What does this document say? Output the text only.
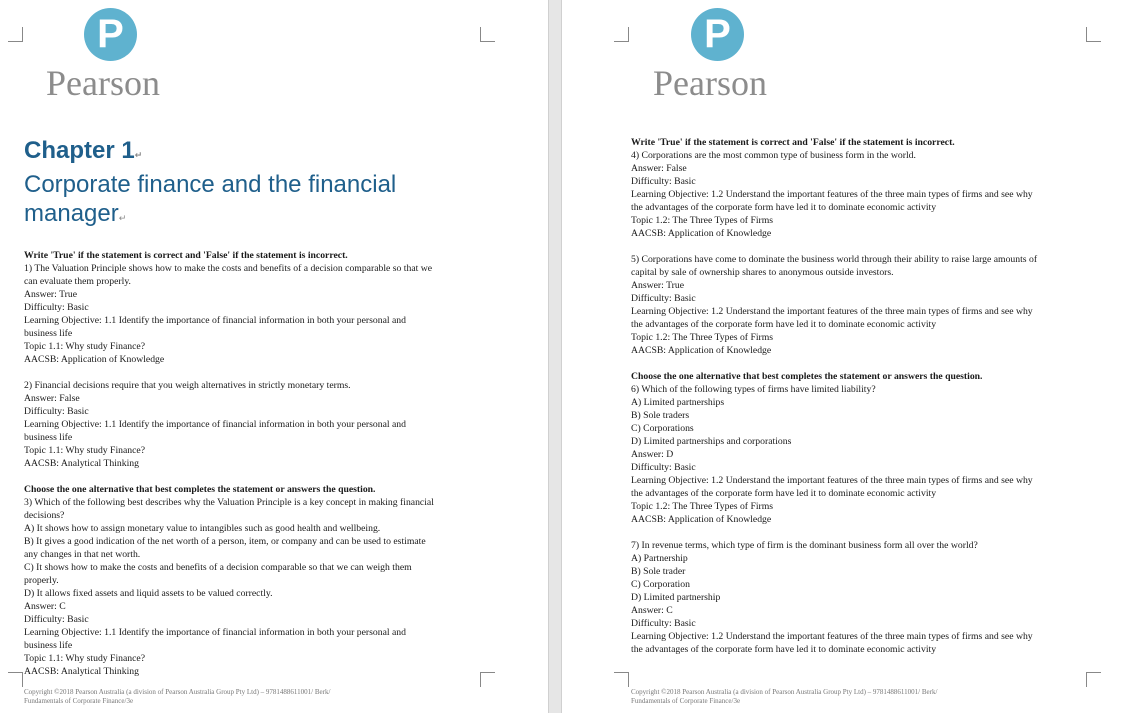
P
Pearson
Chapter 1↵
Corporate finance and the financial
manager↵
Write 'True' if the statement is correct and 'False' if the statement is incorrect.
1) The Valuation Principle shows how to make the costs and benefits of a decision comparable so that we
can evaluate them properly.
Answer: True
Difficulty: Basic
Learning Objective: 1.1 Identify the importance of financial information in both your personal and
business life
Topic 1.1: Why study Finance?
AACSB: Application of Knowledge
2) Financial decisions require that you weigh alternatives in strictly monetary terms.
Answer: False
Difficulty: Basic
Learning Objective: 1.1 Identify the importance of financial information in both your personal and
business life
Topic 1.1: Why study Finance?
AACSB: Analytical Thinking
Choose the one alternative that best completes the statement or answers the question.
3) Which of the following best describes why the Valuation Principle is a key concept in making financial
decisions?
A) It shows how to assign monetary value to intangibles such as good health and wellbeing.
B) It gives a good indication of the net worth of a person, item, or company and can be used to estimate
any changes in that net worth.
C) It shows how to make the costs and benefits of a decision comparable so that we can weigh them
properly.
D) It allows fixed assets and liquid assets to be valued correctly.
Answer: C
Difficulty: Basic
Learning Objective: 1.1 Identify the importance of financial information in both your personal and
business life
Topic 1.1: Why study Finance?
AACSB: Analytical Thinking
Copyright ©2018 Pearson Australia (a division of Pearson Australia Group Pty Ltd) – 9781488611001/ Berk/
Fundamentals of Corporate Finance/3e
P
Pearson
Write 'True' if the statement is correct and 'False' if the statement is incorrect.
4) Corporations are the most common type of business form in the world.
Answer: False
Difficulty: Basic
Learning Objective: 1.2 Understand the important features of the three main types of firms and see why
the advantages of the corporate form have led it to dominate economic activity
Topic 1.2: The Three Types of Firms
AACSB: Application of Knowledge
5) Corporations have come to dominate the business world through their ability to raise large amounts of
capital by sale of ownership shares to anonymous outside investors.
Answer: True
Difficulty: Basic
Learning Objective: 1.2 Understand the important features of the three main types of firms and see why
the advantages of the corporate form have led it to dominate economic activity
Topic 1.2: The Three Types of Firms
AACSB: Application of Knowledge
Choose the one alternative that best completes the statement or answers the question.
6) Which of the following types of firms have limited liability?
A) Limited partnerships
B) Sole traders
C) Corporations
D) Limited partnerships and corporations
Answer: D
Difficulty: Basic
Learning Objective: 1.2 Understand the important features of the three main types of firms and see why
the advantages of the corporate form have led it to dominate economic activity
Topic 1.2: The Three Types of Firms
AACSB: Application of Knowledge
7) In revenue terms, which type of firm is the dominant business form all over the world?
A) Partnership
B) Sole trader
C) Corporation
D) Limited partnership
Answer: C
Difficulty: Basic
Learning Objective: 1.2 Understand the important features of the three main types of firms and see why
the advantages of the corporate form have led it to dominate economic activity
Copyright ©2018 Pearson Australia (a division of Pearson Australia Group Pty Ltd) – 9781488611001/ Berk/
Fundamentals of Corporate Finance/3e
